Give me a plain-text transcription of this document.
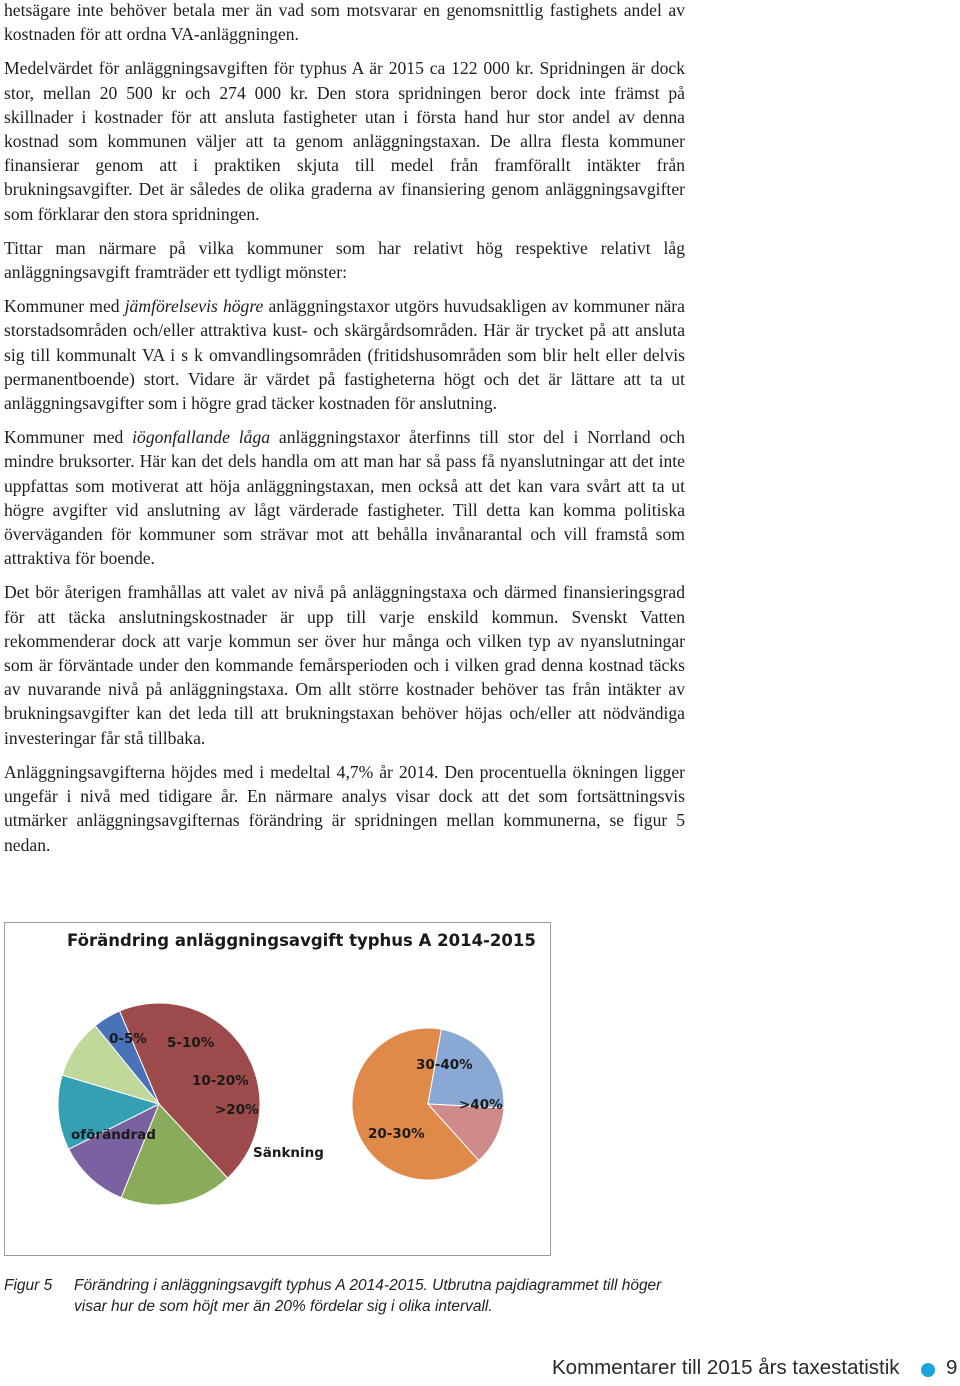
hetsägare inte behöver betala mer än vad som motsvarar en genomsnittlig fastighets andel av kostnaden för att ordna VA-anläggningen.

Medelvärdet för anläggningsavgiften för typhus A är 2015 ca 122 000 kr. Spridningen är dock stor, mellan 20 500 kr och 274 000 kr. Den stora spridningen beror dock inte främst på skillnader i kostnader för att ansluta fastigheter utan i första hand hur stor andel av denna kostnad som kommunen väljer att ta genom anläggningstaxan. De allra flesta kommuner finansierar genom att i praktiken skjuta till medel från framförallt intäkter från brukningsavgifter. Det är således de olika graderna av finansiering genom anläggningsavgifter som förklarar den stora spridningen.

Tittar man närmare på vilka kommuner som har relativt hög respektive relativt låg anläggningsavgift framträder ett tydligt mönster:

Kommuner med jämförelsevis högre anläggningstaxor utgörs huvudsakligen av kommuner nära storstadsområden och/eller attraktiva kust- och skärgårdsområden. Här är trycket på att ansluta sig till kommunalt VA i s k omvandlingsområden (fritidshusområden som blir helt eller delvis permanentboende) stort. Vidare är värdet på fastigheterna högt och det är lättare att ta ut anläggningsavgifter som i högre grad täcker kostnaden för anslutning.

Kommuner med iögonfallande låga anläggningstaxor återfinns till stor del i Norrland och mindre bruksorter. Här kan det dels handla om att man har så pass få nyanslutningar att det inte uppfattas som motiverat att höja anläggningstaxan, men också att det kan vara svårt att ta ut högre avgifter vid anslutning av lågt värderade fastigheter. Till detta kan komma politiska överväganden för kommuner som strävar mot att behålla invånarantal och vill framstå som attraktiva för boende.

Det bör återigen framhållas att valet av nivå på anläggningstaxa och därmed finansieringsgrad för att täcka anslutningskostnader är upp till varje enskild kommun. Svenskt Vatten rekommenderar dock att varje kommun ser över hur många och vilken typ av nyanslutningar som är förväntade under den kommande femårsperioden och i vilken grad denna kostnad täcks av nuvarande nivå på anläggningstaxa. Om allt större kostnader behöver tas från intäkter av brukningsavgifter kan det leda till att brukningstaxan behöver höjas och/eller att nödvändiga investeringar får stå tillbaka.

Anläggningsavgifterna höjdes med i medeltal 4,7% år 2014. Den procentuella ökningen ligger ungefär i nivå med tidigare år. En närmare analys visar dock att det som fortsättningsvis utmärker anläggningsavgifternas förändring är spridningen mellan kommunerna, se figur 5 nedan.

Förändring anläggningsavgift typhus A 2014-2015
oförändrad
0-5% 5-10%
10-20%
>20%
Sänkning
20-30%
30-40%
>40%
Figur 5 Förändring i anläggningsavgift typhus A 2014-2015. Utbrutna pajdiagrammet till höger visar hur de som höjt mer än 20% fördelar sig i olika intervall.
Kommentarer till 2015 års taxestatistik 9
